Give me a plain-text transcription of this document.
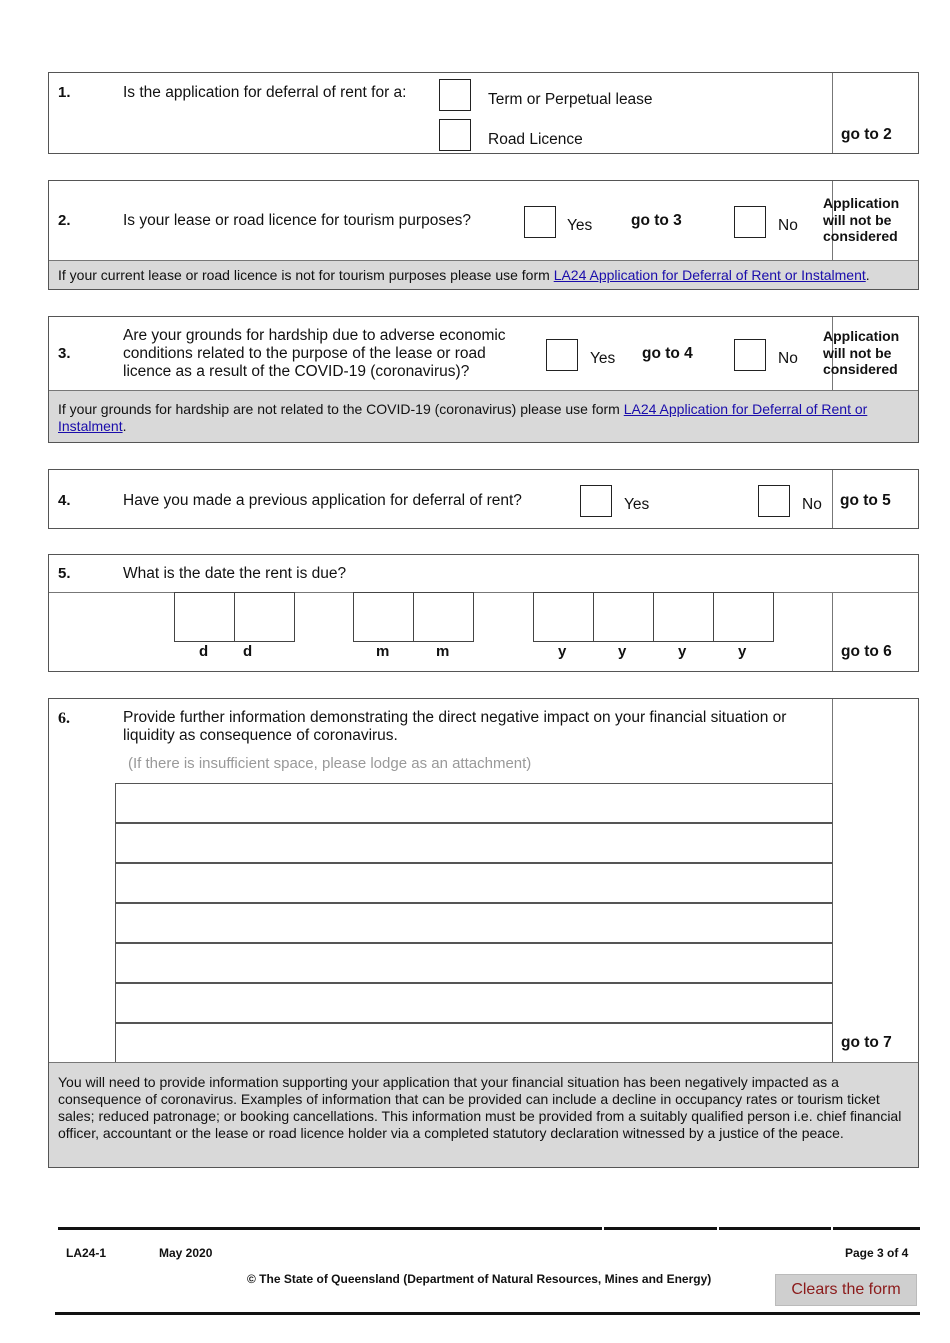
1.	Is the application for deferral of rent for a:	Term or Perpetual lease
Road Licence	go to 2
2.	Is your lease or road licence for tourism purposes?	Yes go to 3	No
Application
will not be
considered
If your current lease or road licence is not for tourism purposes please use form LA24 Application for Deferral of Rent or Instalment.
3.
Are your grounds for hardship due to adverse economic
conditions related to the purpose of the lease or road
licence as a result of the COVID-19 (coronavirus)?
Yes go to 4	No
Application
will not be
considered
If your grounds for hardship are not related to the COVID-19 (coronavirus) please use form LA24 Application for Deferral of Rent or
Instalment.
4.	Have you made a previous application for deferral of rent?	Yes	No go to 5
5.	What is the date the rent is due?
d d	m	m	y	y	y	y	go to 6
6.	Provide further information demonstrating the direct negative impact on your financial situation or
liquidity as consequence of coronavirus.
(If there is insufficient space, please lodge as an attachment)
go to 7
You will need to provide information supporting your application that your financial situation has been negatively impacted as a consequence of coronavirus. Examples of information that can be provided can include a decline in occupancy rates or tourism ticket sales; reduced patronage; or booking cancellations. This information must be provided from a suitably qualified person i.e. chief financial officer, accountant or the lease or road licence holder via a completed statutory declaration witnessed by a justice of the peace.
LA24-1	May 2020	Page 3 of 4
© The State of Queensland (Department of Natural Resources, Mines and Energy)
Clears the form
